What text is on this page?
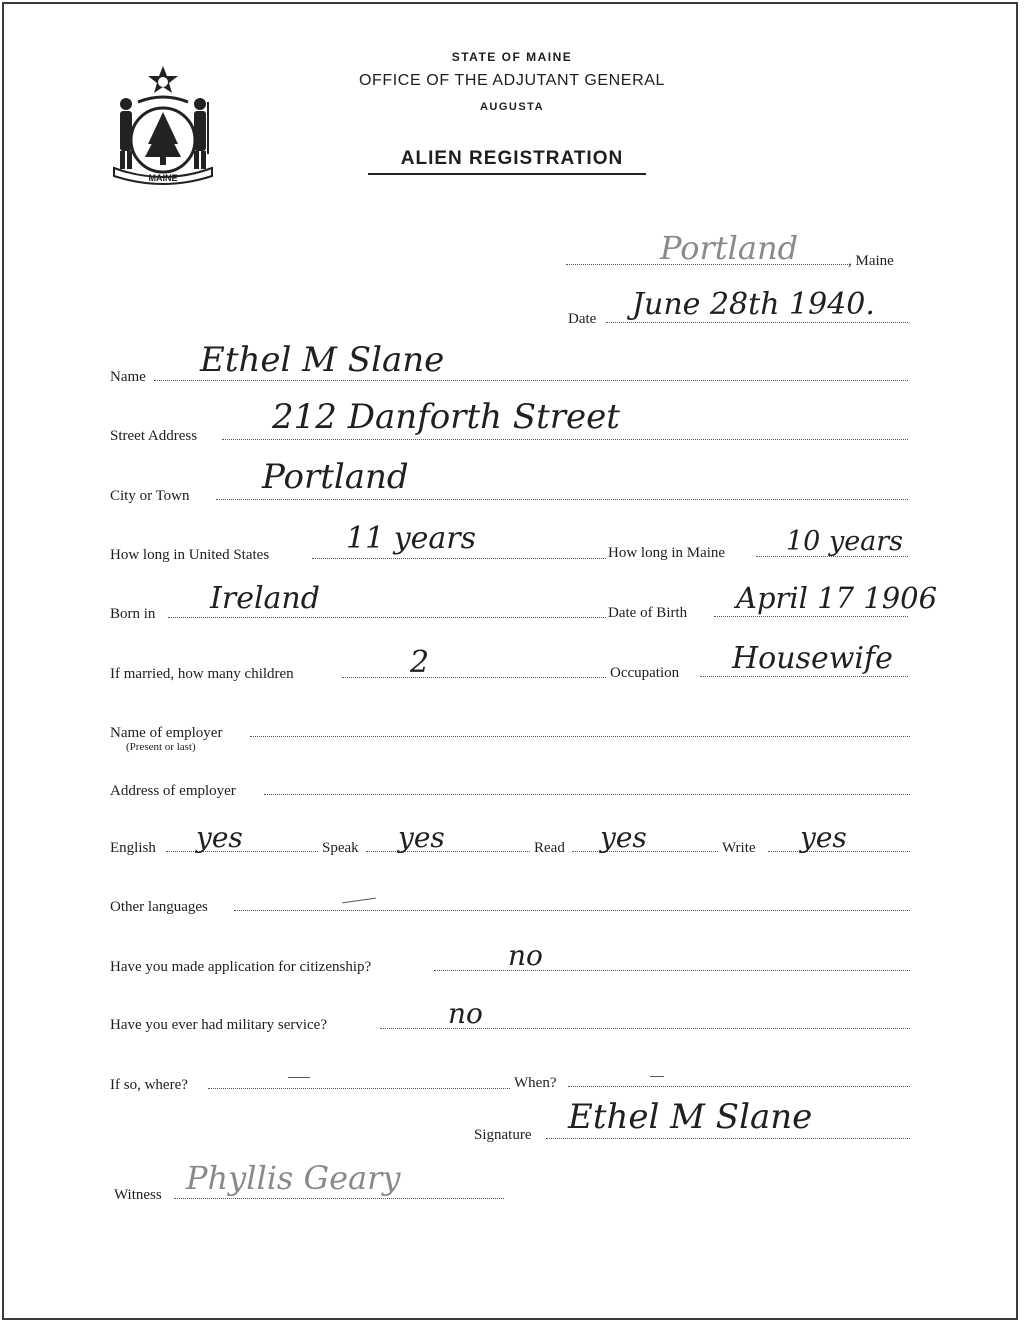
MAINE
STATE OF MAINE
OFFICE OF THE ADJUTANT GENERAL
AUGUSTA
ALIEN REGISTRATION
Portland	, Maine
Date June 28th 1940.
Name Ethel M Slane
Street Address 212 Danforth Street
City or Town Portland
How long in United States	11 years	How long in Maine 10 years
Born in Ireland	Date of Birth April 17 1906
If married, how many children	2	Occupation Housewife
Name of employer
(Present or last)
Address of employer
English yes	Speak yes	Read yes	Write yes
Other languages
Have you made application for citizenship?	no
Have you ever had military service?	no
If so, where?	When?
Signature Ethel M Slane
Witness Phyllis Geary
